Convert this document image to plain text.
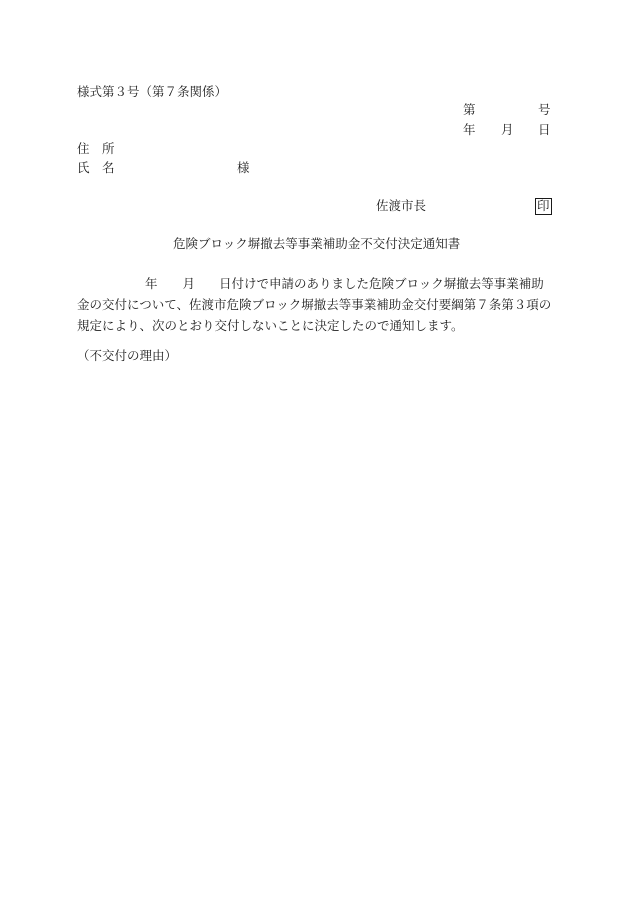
様式第３号（第７条関係）
第	号
年 月 日
住　所
氏　名	様
佐渡市長	印
危険ブロック塀撤去等事業補助金不交付決定通知書
年 月 日付けで申請のありました危険ブロック塀撤去等事業補助
金の交付について、佐渡市危険ブロック塀撤去等事業補助金交付要綱第７条第３項の
規定により、次のとおり交付しないことに決定したので通知します。
（不交付の理由）
